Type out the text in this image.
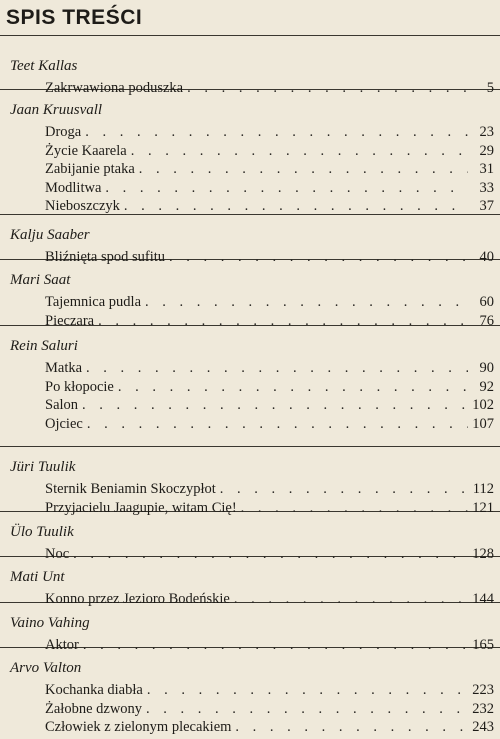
SPIS TREŚCI
Teet Kallas
Zakrwawiona poduszka . . .	5
Jaan Kruusvall
Droga . . .	23
Życie Kaarela . . .	29
Zabijanie ptaka . . .	31
Modlitwa . . .	33
Nieboszczyk . . .	37
Kalju Saaber
Bliźnięta spod sufitu . . .	40
Mari Saat
Tajemnica pudla . . .	60
Pieczara . . .	76
Rein Saluri
Matka . . .	90
Po kłopocie . . .	92
Salon . . .	102
Ojciec . . .	107
Jüri Tuulik
Sternik Beniamin Skoczypłot . . .	112
Przyjacielu Jaagupie, witam Cię! . . .	121
Ülo Tuulik
Noc . . .	128
Mati Unt
Konno przez Jezioro Bodeńskie . . .	144
Vaino Vahing
Aktor . . .	165
Arvo Valton
Kochanka diabła . . .	223
Żałobne dzwony . . .	232
Człowiek z zielonym plecakiem . . .	243
